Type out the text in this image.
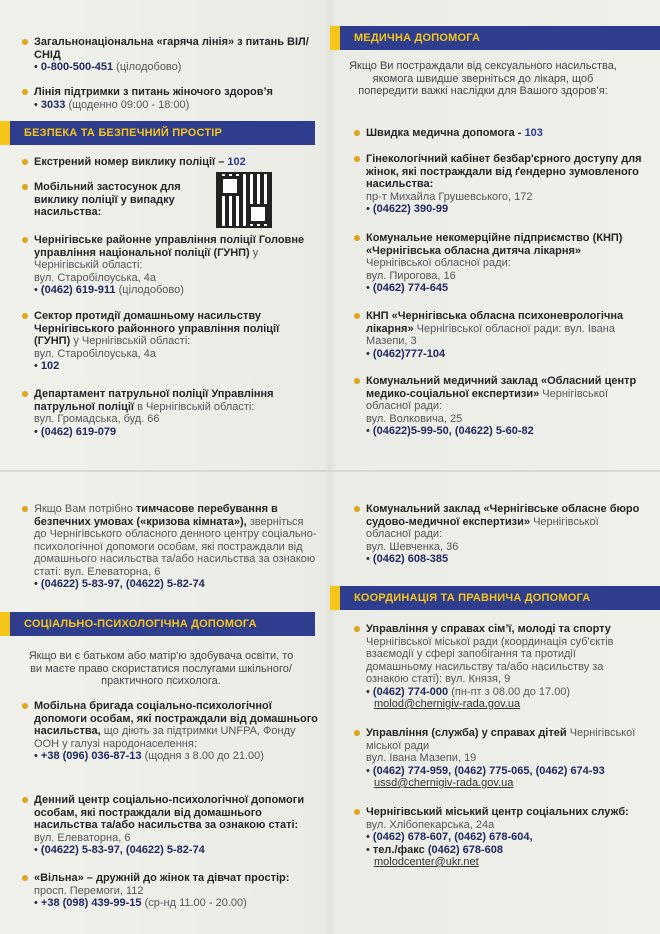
Загальнонаціональна «гаряча лінія» з питань ВІЛ/СНІД
• 0-800-500-451 (цілодобово)
Лінія підтримки з питань жіночого здоров’я
• 3033 (щоденно 09:00 - 18:00)
БЕЗПЕКА ТА БЕЗПЕЧНИЙ ПРОСТІР
Екстрений номер виклику поліції – 102
Мобільний застосунок для виклику поліції у випадку насильства:
Чернігівське районне управління поліції Головне управління національної поліції (ГУНП) у Чернігівській області:
вул. Старобілоуська, 4а
• (0462) 619-911 (цілодобово)
Сектор протидії домашньому насильству Чернігівського районного управління поліції (ГУНП) у Чернігівській області:
вул. Старобілоуська, 4а
• 102
Департамент патрульної поліції Управління патрульної поліції в Чернігівській області:
вул. Громадська, буд. 66
• (0462) 619-079
Якщо Вам потрібно тимчасове перебування в безпечних умовах («кризова кімната»), зверніться до Чернігівського обласного денного центру соціально-психологічної допомоги особам, які постраждали від домашнього насильства та/або насильства за ознакою статі: вул. Елеваторна, 6
• (04622) 5-83-97, (04622) 5-82-74
СОЦІАЛЬНО-ПСИХОЛОГІЧНА ДОПОМОГА
Якщо ви є батьком або матір'ю здобувача освіти, то ви маєте право скористатися послугами шкільного/практичного психолога.
Мобільна бригада соціально-психологічної допомоги особам, які постраждали від домашнього насильства, що діють за підтримки UNFPA, Фонду ООН у галузі народонаселення:
• +38 (096) 036-87-13 (щодня з 8.00 до 21.00)
Денний центр соціально-психологічної допомоги особам, які постраждали від домашнього насильства та/або насильства за ознакою статі: вул. Елеваторна, 6
• (04622) 5-83-97, (04622) 5-82-74
«Вільна» – дружній до жінок та дівчат простір: просп. Перемоги, 112
• +38 (098) 439-99-15 (ср-нд 11.00 - 20.00)
МЕДИЧНА ДОПОМОГА
Якщо Ви постраждали від сексуального насильства, якомога швидше зверніться до лікаря, щоб попередити важкі наслідки для Вашого здоров’я:
Швидка медична допомога - 103
Гінекологічний кабінет безбар'єрного доступу для жінок, які постраждали від ґендерно зумовленого насильства:
пр-т Михайла Грушевського, 172
• (04622) 390-99
Комунальне некомерційне підприємство (КНП) «Чернігівська обласна дитяча лікарня» Чернігівської обласної ради:
вул. Пирогова, 16
• (0462) 774-645
КНП «Чернігівська обласна психоневрологічна лікарня» Чернігівської обласної ради: вул. Івана Мазепи, 3
• (0462)777-104
Комунальний медичний заклад «Обласний центр медико-соціальної експертизи» Чернігівської обласної ради:
вул. Волковича, 25
• (04622)5-99-50, (04622) 5-60-82
Комунальний заклад «Чернігівське обласне бюро судово-медичної експертизи» Чернігівської обласної ради:
вул. Шевченка, 36
• (0462) 608-385
КООРДИНАЦІЯ ТА ПРАВНИЧА ДОПОМОГА
Управління у справах сім’ї, молоді та спорту Чернігівської міської ради (координація суб'єктів взаємодії у сфері запобігання та протидії домашньому насильству та/або насильству за ознакою статі): вул. Князя, 9
• (0462) 774-000 (пн-пт з 08.00 до 17.00)
molod@chernigiv-rada.gov.ua
Управління (служба) у справах дітей Чернігівської міської ради
вул. Івана Мазепи, 19
• (0462) 774-959, (0462) 775-065, (0462) 674-93
ussd@chernigiv-rada.gov.ua
Чернігівський міський центр соціальних служб: вул. Хлібопекарська, 24а
• (0462) 678-607, (0462) 678-604,
• тел./факс (0462) 678-608
molodcenter@ukr.net
